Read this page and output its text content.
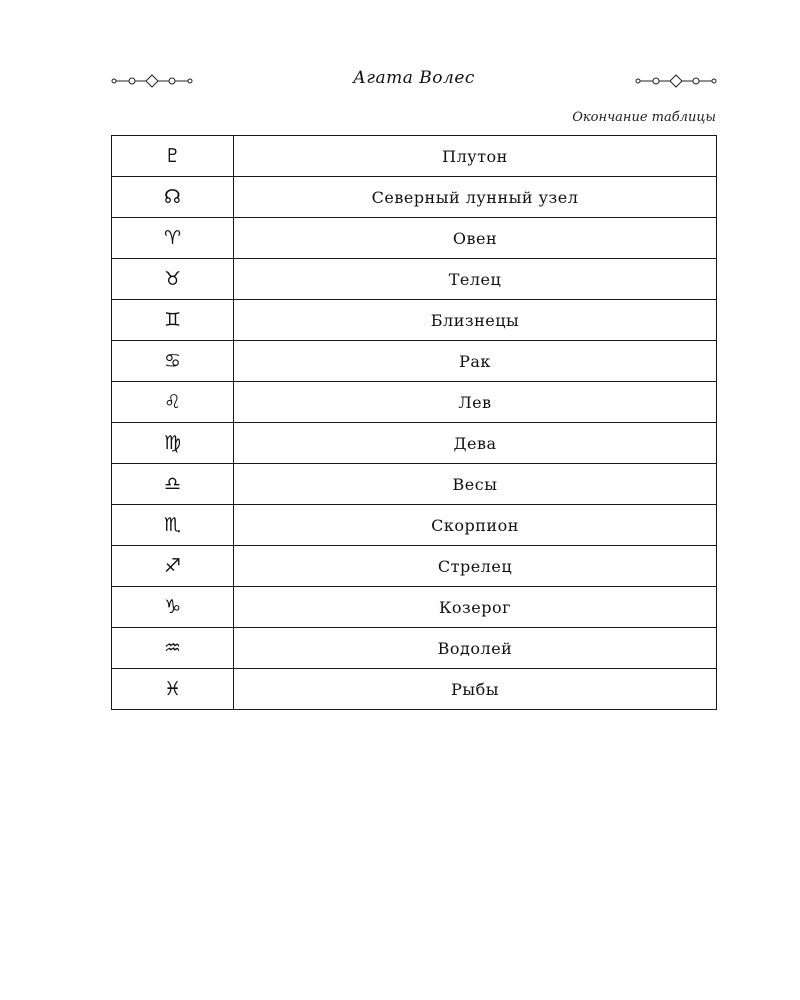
Агата Волес
Окончание таблицы
♇	Плутон
☊	Северный лунный узел
♈	Овен
♉	Телец
♊	Близнецы
♋	Рак
♌	Лев
♍	Дева
♎	Весы
♏	Скорпион
♐	Стрелец
♑	Козерог
♒	Водолей
♓	Рыбы
